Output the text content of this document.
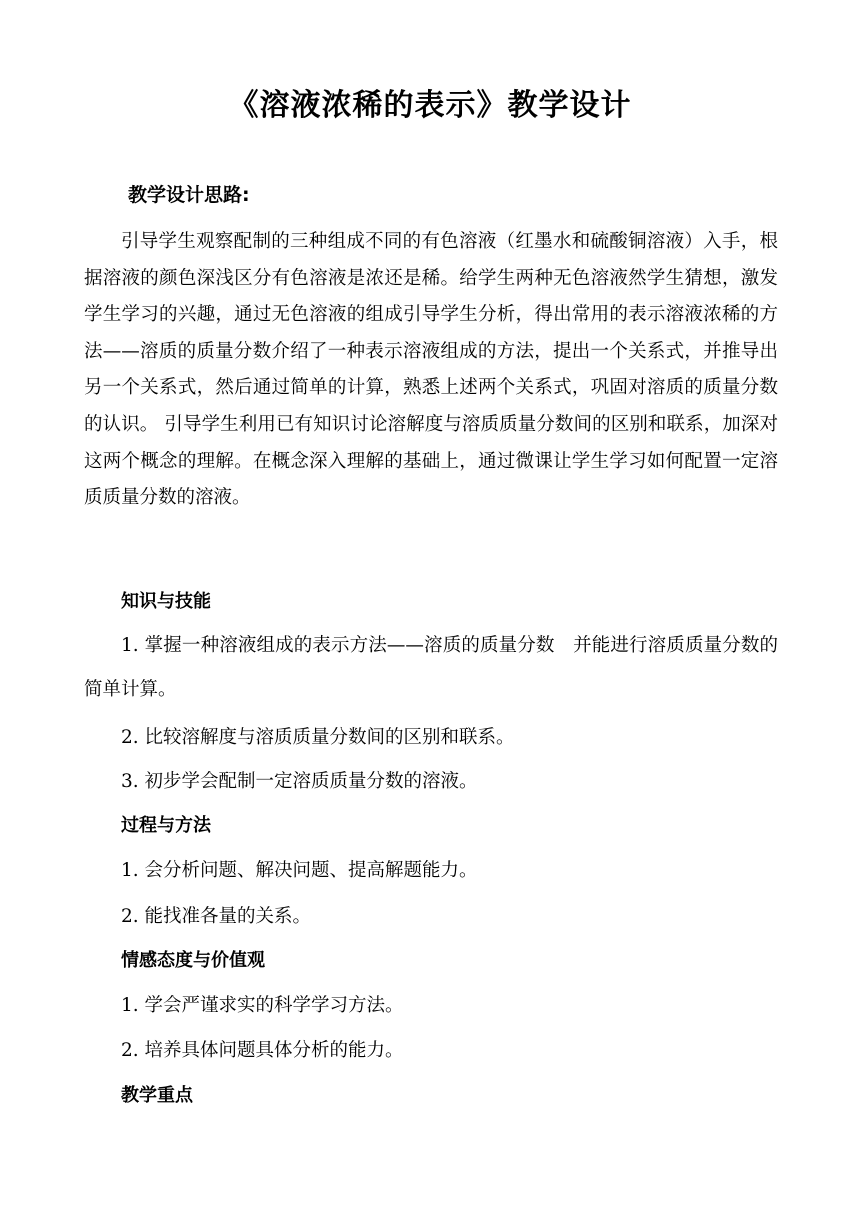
《溶液浓稀的表示》教学设计
教学设计思路:
引导学生观察配制的三种组成不同的有色溶液（红墨水和硫酸铜溶液）入手，根据溶液的颜色深浅区分有色溶液是浓还是稀。给学生两种无色溶液然学生猜想，激发学生学习的兴趣，通过无色溶液的组成引导学生分析，得出常用的表示溶液浓稀的方法——溶质的质量分数介绍了一种表示溶液组成的方法，提出一个关系式，并推导出另一个关系式，然后通过简单的计算，熟悉上述两个关系式，巩固对溶质的质量分数的认识。 引导学生利用已有知识讨论溶解度与溶质质量分数间的区别和联系，加深对这两个概念的理解。在概念深入理解的基础上，通过微课让学生学习如何配置一定溶质质量分数的溶液。
知识与技能
1. 掌握一种溶液组成的表示方法——溶质的质量分数　并能进行溶质质量分数的简单计算。
2. 比较溶解度与溶质质量分数间的区别和联系。
3. 初步学会配制一定溶质质量分数的溶液。
过程与方法
1. 会分析问题、解决问题、提高解题能力。
2. 能找准各量的关系。
情感态度与价值观
1. 学会严谨求实的科学学习方法。
2. 培养具体问题具体分析的能力。
教学重点
